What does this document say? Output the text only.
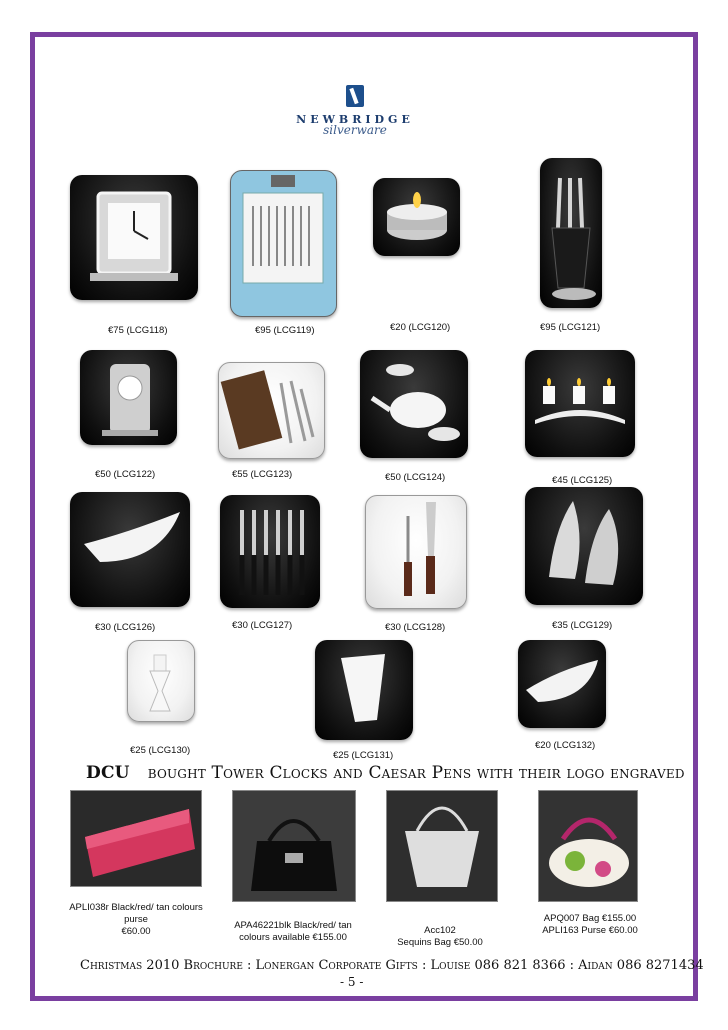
NEWBRIDGE
silverware
€75 (LCG118)	€95 (LCG119)	€20 (LCG120)	€95 (LCG121)
€50 (LCG122)	€55 (LCG123)	€50 (LCG124)	€45 (LCG125)
€30 (LCG126)	€30 (LCG127)	€30 (LCG128)	€35 (LCG129)
€25 (LCG130)	€25 (LCG131)
€20 (LCG132)
DCU bought Tower Clocks and Caesar Pens with their logo engraved
APLI038r Black/red/ tan colours
purse
€60.00
APA46221blk Black/red/ tan
colours available €155.00
Acc102
Sequins Bag €50.00
APQ007 Bag €155.00
APLI163 Purse €60.00
Christmas 2010 Brochure : Lonergan Corporate Gifts : Louise 086 821 8366 : Aidan 086 8271434
- 5 -
